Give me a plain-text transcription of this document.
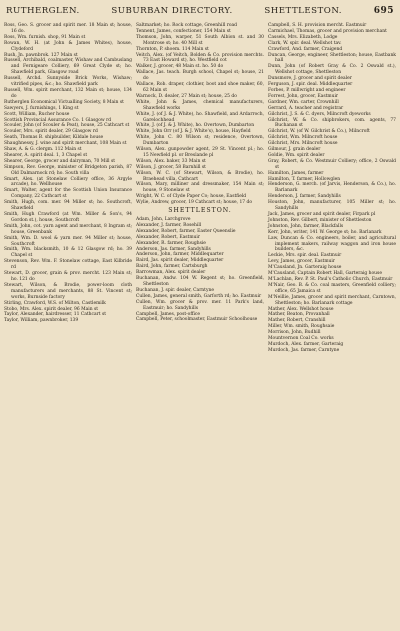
RUTHERGLEN.	SUBURBAN DIRECTORY.	SHETTLESTON.	695

Ross, Geo. S. grocer and spirit mer. 18 Main st; house, 16 do.

Ross, Wm. furnish. shop, 91 Main st

Rowan, W. H. (at John & James Whites), house, Clydeford

Rush, Jn. pawnbrok. 127 Main st

Russell, Archibald, coalmaster, Wishaw and Cambuslang and Fernigeare Colliery, 69 Great Clyde st; ho. Shawfield park, Glasgow road

Russell, Archd. Sunnyside Brick Works, Wishaw; vitrified pipes, &c.; ho. Shawfield park

Russell, Wm. spirit merchant, 132 Main st; house, 134 do

Rutherglen Economical Victualling Society, 8 Main st

Sawyers, J. furnishings, 1 King st

Scott, William, Rucher house

Scottish Provincial Assurance Co. 1 Glasgow rd

Scouler, John (of Scouler & Peat), house, 25 Cathcart st

Scouler, Mrs. spirit dealer, 29 Glasgow rd

Seath, Thomas B. shipbuilder, Kildale house

Shaughnessy, J. wine and spirit merchant, 108 Main st

Shaw, A. & G. clergm. 112 Main st

Shearer, A. spirit deal. 1, 3 Chapel st

Shearer, George, grocer and dairyman, 70 Mill st

Simpson, Rev. George, minister of Bridgeton parish, 87 Old Dalmarnock rd; ho. South villa

Smart, Alex. (at Stonelaw Colliery office, 36 Argyle arcade), ho. Wellhouse

Smart, Walter, agent for the Scottish Union Insurance Company, 22 Cathcart st

Smith, Hugh, com. mer. 94 Miller st; ho. Southcroft, Shawfield

Smith, Hugh Crawford (at Wm. Miller & Son's, 94 Gordon st.), house, Southcroft

Smith, John, cot. yarn agent and merchant, 8 Ingram st; house, Greenbank

Smith, Wm. D. wool & yarn mer. 94 Miller st; house, Southcroft

Smith, Wm. blacksmith, 10 & 12 Glasgow rd; ho. 39 Chapel st

Stevenson, Rev. Wm. F. Stonelaw cottage, East Kilbride rd

Stewart, D. grocer, grain & prov. mercht. 123 Main st; ho. 121 do

Stewart, Wilson, & Brodie, power-loom cloth manufacturers and merchants, 88 St. Vincent st; works, Burnside factory

Stirling, Crawford, W.S. of Milton, Castlemilk

Stobo, Mrs. Alex. spirit dealer, 96 Main st

Taylor, Alexander, hairdresser, 11 Cathcart st

Taylor, William, pawnbroker, 139

Saltmarket; ho. Rock cottage, Greenhill road

Tennent, James, confectioner, 154 Main st

Thomson, John, warper, 51 South Albion st. and 30 Montrose st; ho. 40 Mill st

Thornton, P. shoem. 114 Main st

Veitch, Alex. (of Veitch, Bolden & Co. provision merchts. 73 East Howard st), ho. Westfield cot

Walker, J. grocer, 48 Main st. ho. 50 do

Wallace, Jas. teach. Burgh school, Chapel st; house, 21 do

Wallace, Rob. draper, clothier, boot and shoe maker, 60, 62 Main st

Warnock, D. dealer, 27 Main st; house, 25 do

White, John & James, chemical manufacturers, Shawfield works

White, J. (of J. & J. White), ho. Shawfield, and Ardarroch, Garelochhead

White, J. (of J. & J. White), ho. Overtown, Dumbarton

White, John Orr (of J. & J. White's), house, Hayfield

White, John C. 80 Wilson st; residence, Overtown, Dumbarton

Wilson, Alex. gunpowder agent, 29 St. Vincent pl.; ho. 15 Newfield pl. or Breslande pl

Wilson, Alex. baker, 33 Main st

Wilson, J. grocer, 58 Barnhill st

Wilson, W. C. (of Stewart, Wilson, & Brodie), ho. Braehead villa, Cathcart

Wilson, Mary, milliner and dressmaker, 154 Main st; house, 9 Stonelaw st

Wright, W. C. of Clyde Paper Co; house, Eastfield

Wylie, Andrew, grocer, 19 Cathcart st; house, 17 do

SHETTLESTON.

Adam, John, Larchgrove

Alexander, J. farmer, Rosehill

Alexander, Robert, farmer, Easter Queenslie

Alexander, Robert, Eastmuir

Alexander, R. farmer, Roughsie

Anderson, Jas. farmer, Sandyhills

Anderson, John, farmer, Middlequarter

Baird, Jas. spirit dealer, Middlequarter

Baird, John, farmer, Cartsburgh

Barrowman, Alex. spirit dealer

Buchanan, Andw. 104 W. Regent st; ho. Greenfield, Shettleston

Buchanan, J. spir. dealer, Carntyne

Cullen, James, general smith, Garforth rd; ho. Eastmuir

Cullen, Wm. grocer & prov. mer. 11 Park's land, Eastmuir; ho. Sandyhills

Campbell, James, post-office

Campbell, Peter, schoolmaster, Eastmuir Schoolhouse

Campbell, S. H. provision mercht. Eastmuir

Carmichael, Thomas, grocer and provision merchant

Cassels, Mrs. Elizabeth, Lodge

Clark, W. spir. deal. Wellshot tav.

Crawford, And. farmer, Craigend

Duncan, George, engineer, Shettleston; house, Eastbank hall

Dunn, John (of Robert Gray & Co. 2 Oswald st.), Wellshot cottage, Shettleston

Dunsmore, J. grocer and spirit dealer

Ferguson, J. spir. deal. Middlequarter

Forbes, P. millwright and engineer

Forrest, John, grocer, Eastmuir

Gardner, Wm. carter, Crownhill

Gerrard, A. teacher and registrar

Gilchrist, J. S. & C. dyers, Milncroft dyeworks

Gilchrist, W. & Co. shipbrokers, com. agents, 77 Buchanan st

Gilchrist, W. (of W. Gilchrist & Co.), Milncroft

Gilchrist, Wm. Milncroft house

Gilchrist, Mrs. Milncroft house

Gilmour, J. grain dealer

Goldie, Wm. spirit dealer

Gray, Robert, & Co. Westmuir Colliery; office, 2 Oswald st

Hamilton, James, farmer

Hamilton, T. farmer, Hollowglen

Henderson, G. merch. (of Jarvis, Henderson, & Co.), ho. Barlanark

Henderson, J. farmer, Sandyhills

Houston, John, manufacturer, 105 Miller st; ho. Sandyhills

Jack, James, grocer and spirit dealer, Firpark pl

Johnston, Rev. Gilbert, minister of Shettleston

Johnston, John, farmer, Blackfalls

Kerr, John, writer, 141 W. George st; ho. Barlanark

Law, Duncan & Co. engineers, boiler, and agricultural implement makers, railway waggon and iron house builders, &c.

Leckie, Mrs. spir. deal. Eastmuir

Levy, James, grocer, Eastmuir

M'Causland, Jn. Garteraig house

M'Causland, Captain Robert Hall, Garteraig house

M'Lachlan, Rev. P. St. Paul's Catholic Church, Eastmuir

M'Nair, Geo. B. & Co. coal masters, Greenfield colliery; office, 65 Jamaica st

M'Neillie, James, grocer and spirit merchant, Carntown, Shettleston; ho. Barlanark cottage

Mather, Alex. Wellshot house

Mather, Beaton, Provanhall

Mather, Robert, Cranshill

Miller, Wm. smith, Roughsaie

Morrison, John, Budhill

Mountvernon Coal Co. works

Murdoch, Alex. farmer, Garteraig

Murdoch, Jas. farmer, Carntyne
